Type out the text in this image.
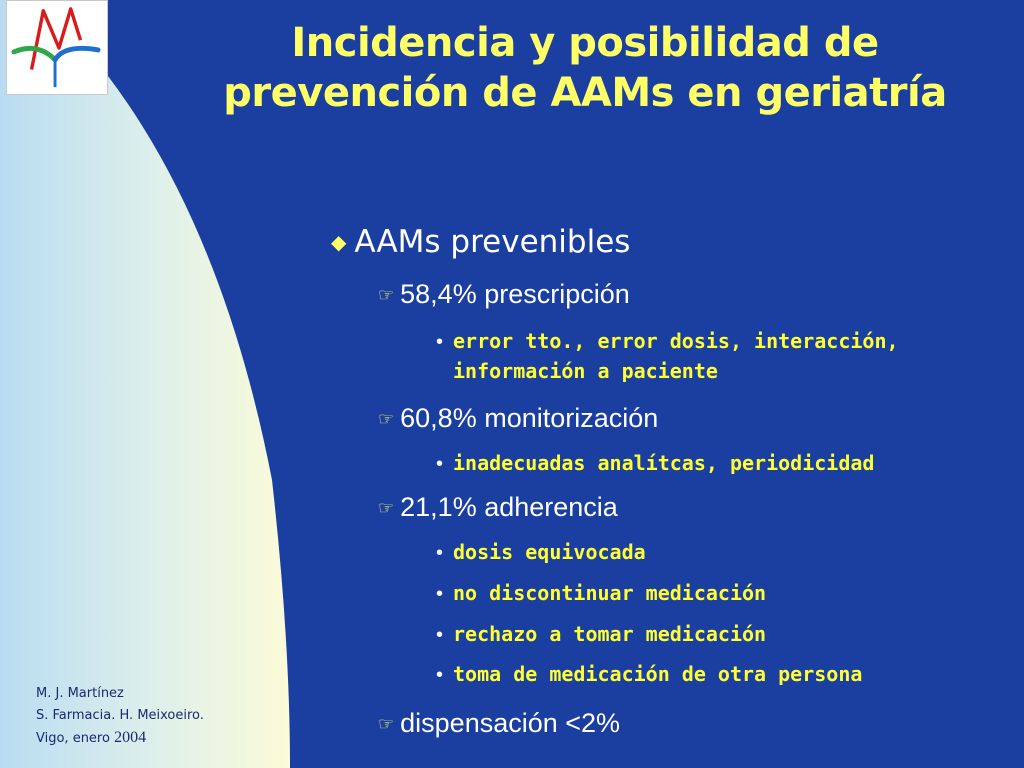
Incidencia y posibilidad de
prevención de AAMs en geriatría
◆ AAMs prevenibles
☞ 58,4% prescripción
• error tto., error dosis, interacción,
información a paciente
☞ 60,8% monitorización
• inadecuadas analítcas, periodicidad
☞ 21,1% adherencia
• dosis equivocada
• no discontinuar medicación
• rechazo a tomar medicación
• toma de medicación de otra persona
☞ dispensación <2%
M. J. Martínez
S. Farmacia. H. Meixoeiro.
Vigo, enero 2004
